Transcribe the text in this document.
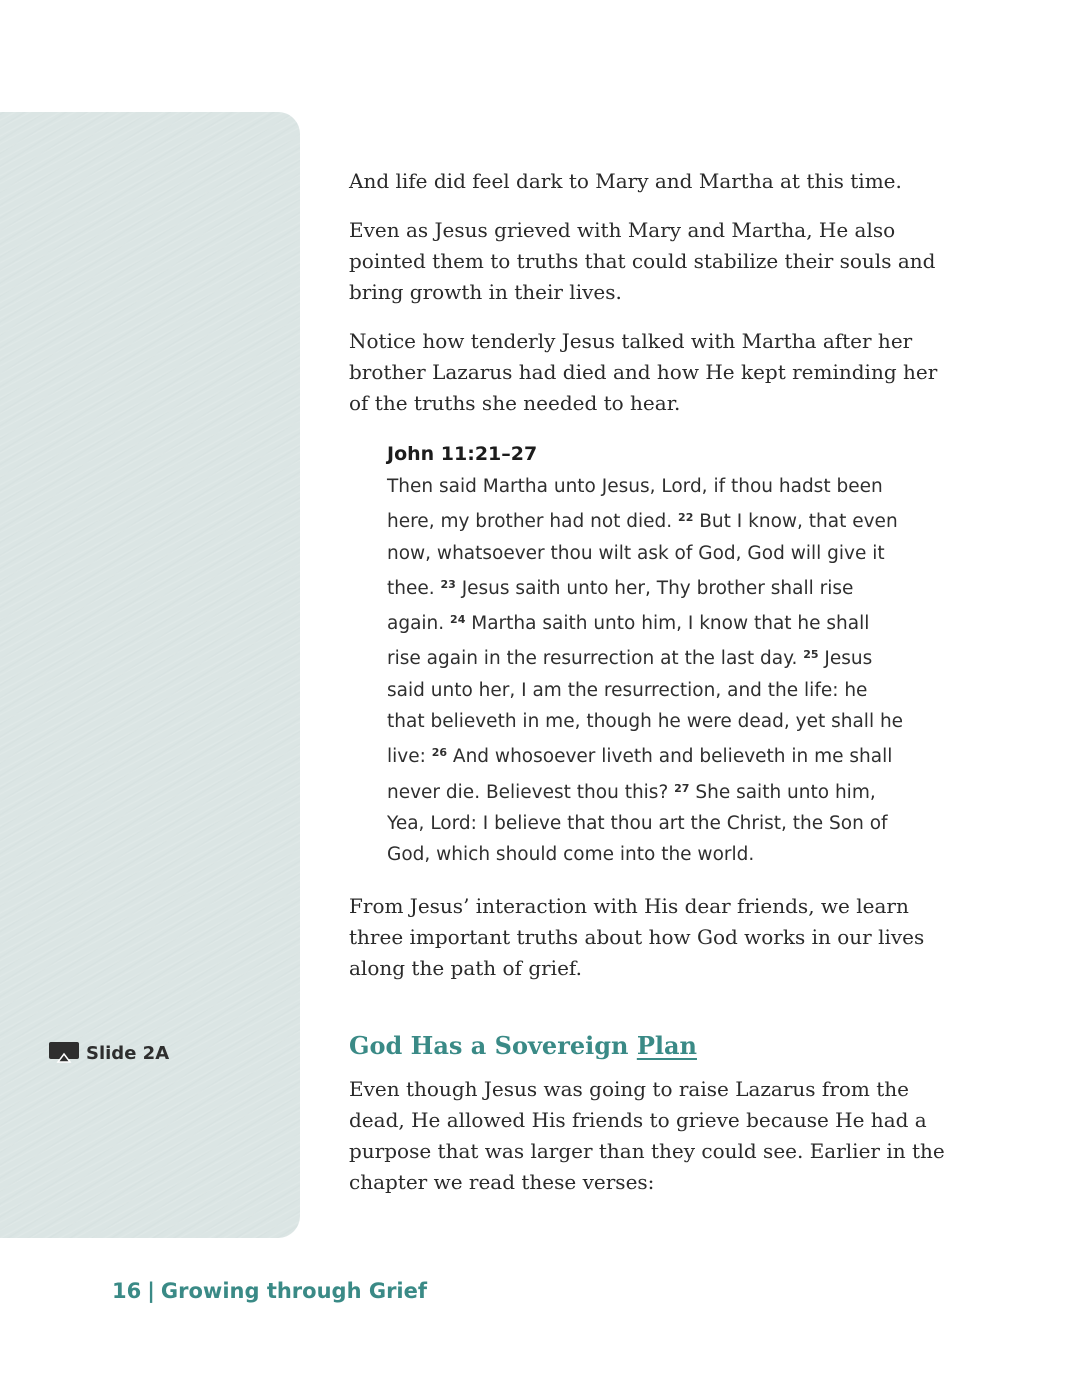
Slide 2A

And life did feel dark to Mary and Martha at this time.

Even as Jesus grieved with Mary and Martha, He also pointed them to truths that could stabilize their souls and bring growth in their lives.

Notice how tenderly Jesus talked with Martha after her brother Lazarus had died and how He kept reminding her of the truths she needed to hear.

John 11:21–27

Then said Martha unto Jesus, Lord, if thou hadst been here, my brother had not died. $^{22}$ But I know, that even now, whatsoever thou wilt ask of God, God will give it thee. $^{23}$ Jesus saith unto her, Thy brother shall rise again. $^{24}$ Martha saith unto him, I know that he shall rise again in the resurrection at the last day. $^{25}$ Jesus said unto her, I am the resurrection, and the life: he that believeth in me, though he were dead, yet shall he live: $^{26}$ And whosoever liveth and believeth in me shall never die. Believest thou this? $^{27}$ She saith unto him, Yea, Lord: I believe that thou art the Christ, the Son of God, which should come into the world.

From Jesus’ interaction with His dear friends, we learn three important truths about how God works in our lives along the path of grief.

God Has a Sovereign Plan

Even though Jesus was going to raise Lazarus from the dead, He allowed His friends to grieve because He had a purpose that was larger than they could see. Earlier in the chapter we read these verses:

16 | Growing through Grief
